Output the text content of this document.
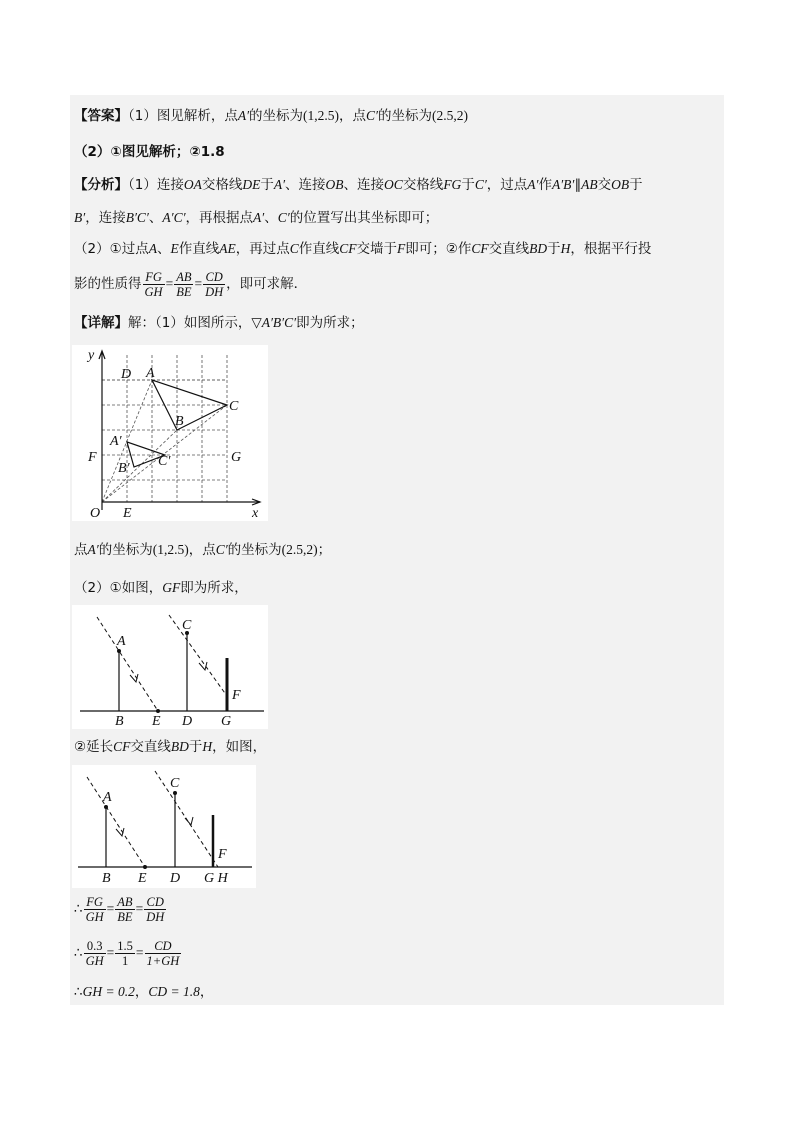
【答案】（1）图见解析，点A′的坐标为(1,2.5)，点C′的坐标为(2.5,2)
（2）①图见解析；②1.8
【分析】（1）连接OA交格线DE于A′、连接OB、连接OC交格线FG于C′，过点A′作A′B′∥AB交OB于
B′，连接B′C′、A′C′，再根据点A′、C′的位置写出其坐标即可；
（2）①过点A、E作直线AE，再过点C作直线CF交墙于F即可；②作CF交直线BD于H，根据平行投
影的性质得 $\frac{FG}{GH} = \frac{AB}{BE} = \frac{CD}{DH}$ ，即可求解．
【详解】解：（1）如图所示，▽A′B′C′即为所求；
y
x
O E
D A
B
C
F	G
A′
B′ C′
点A′的坐标为(1,2.5)，点C′的坐标为(2.5,2)；
（2）①如图，GF即为所求，
A
C
F
B E D G
②延长CF交直线BD于H，如图，
A
C
F
B E D G H
∴ $\frac{FG}{GH} = \frac{AB}{BE} = \frac{CD}{DH}$
∴ $\frac{0.3}{GH} = \frac{1.5}{1} = \frac{CD}{1+GH}$
∴GH = 0.2，CD = 1.8，
